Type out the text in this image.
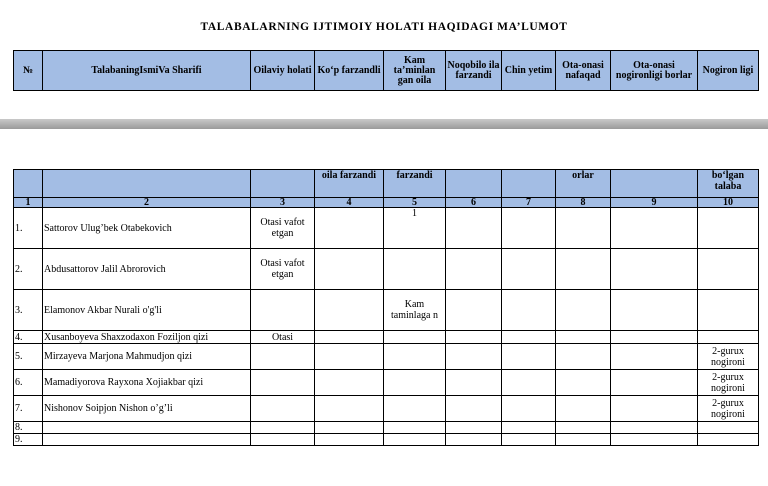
TALABALARNING IJTIMOIY HOLATI HAQIDAGI MA’LUMOT
№	TalabaningIsmiVa Sharifi	Oilaviy holati	Ko‘p farzandli	Kam ta’minlan gan oila	Noqobilo ila farzandi	Chin yetim	Ota-onasi nafaqad	Ota-onasi nogironligi borlar	Nogiron ligi
			oila farzandi	farzandi			orlar		bo‘lgan talaba
1	2	3	4	5	6	7	8	9	10
1.	Sattorov Ulug’bek Otabekovich	Otasi vafot etgan		1					
2.	Abdusattorov Jalil Abrorovich	Otasi vafot etgan							
3.	Elamonov Akbar Nurali o'g'li			Kam taminlaga n					
4.	Xusanboyeva Shaxzodaxon Foziljon qizi	Otasi							
5.	Mirzayeva Marjona Mahmudjon qizi								2-gurux nogironi
6.	Mamadiyorova Rayxona Xojiakbar qizi								2-guruх nogironi
7.	Nishonov Soipjon Nishon o’g’li								2-guruх nogironi
8.									
9.									
